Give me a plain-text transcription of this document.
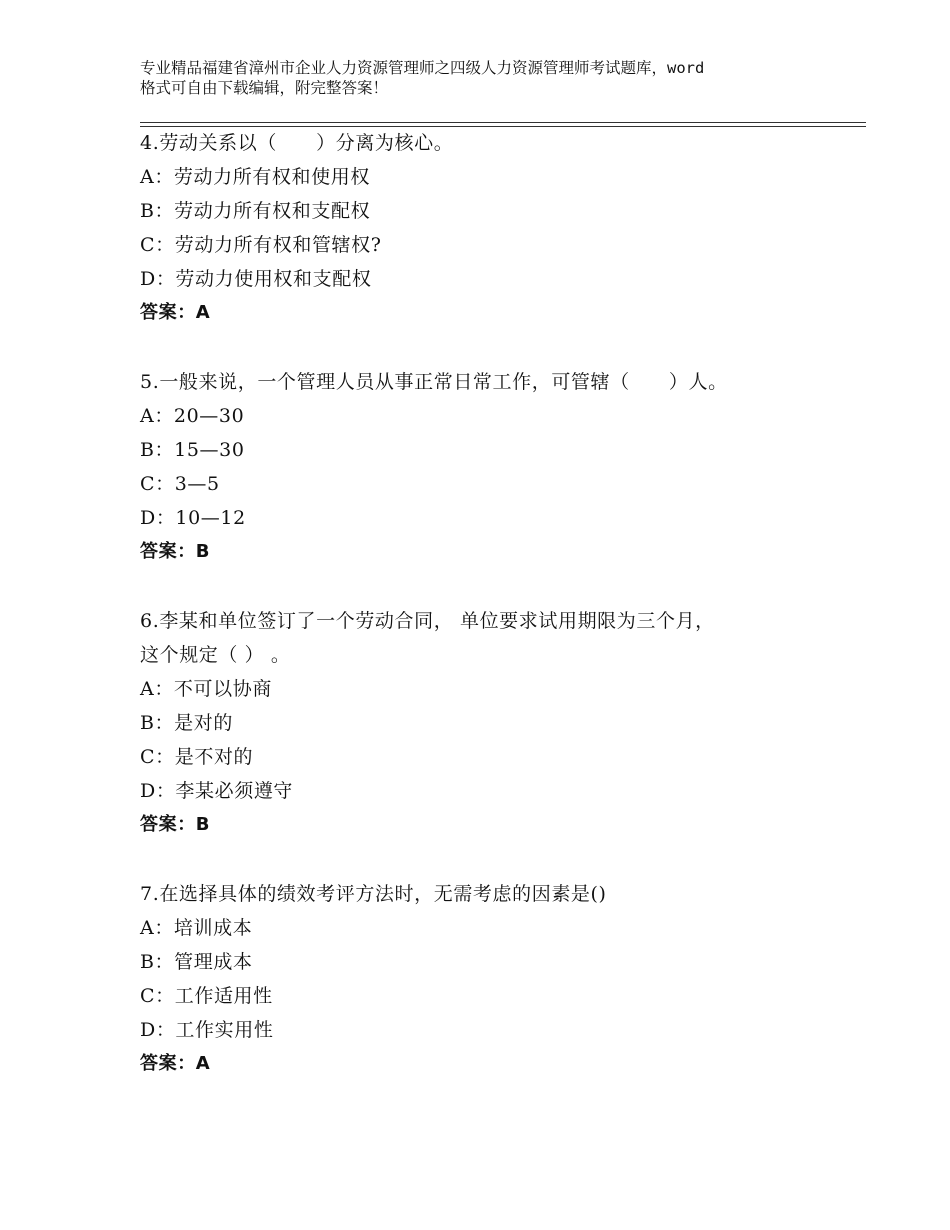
专业精品福建省漳州市企业人力资源管理师之四级人力资源管理师考试题库，word
格式可自由下载编辑，附完整答案！
4.劳动关系以（　　）分离为核心。
A：劳动力所有权和使用权
B：劳动力所有权和支配权
C：劳动力所有权和管辖权?
D：劳动力使用权和支配权
答案：A
5.一般来说，一个管理人员从事正常日常工作，可管辖（　　）人。
A：20—30
B：15—30
C：3—5
D：10—12
答案：B
6.李某和单位签订了一个劳动合同， 单位要求试用期限为三个月，
这个规定（ ） 。
A：不可以协商
B：是对的
C：是不对的
D：李某必须遵守
答案：B
7.在选择具体的绩效考评方法时，无需考虑的因素是()
A：培训成本
B：管理成本
C：工作适用性
D：工作实用性
答案：A
